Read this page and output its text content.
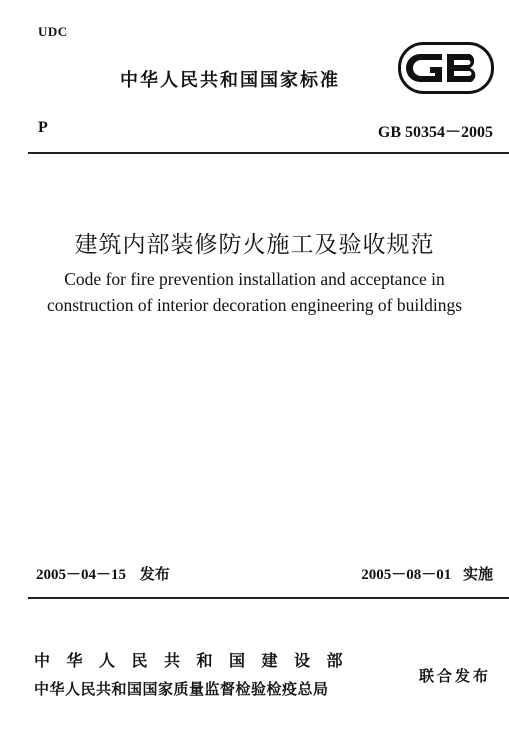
UDC
中华人民共和国国家标准
P	GB 50354－2005
建筑内部装修防火施工及验收规范
Code for fire prevention installation and acceptance in
construction of interior decoration engineering of buildings
2005－04－15 发布	2005－08－01 实施
中华人民共和国建设部
中华人民共和国国家质量监督检验检疫总局
联合发布
